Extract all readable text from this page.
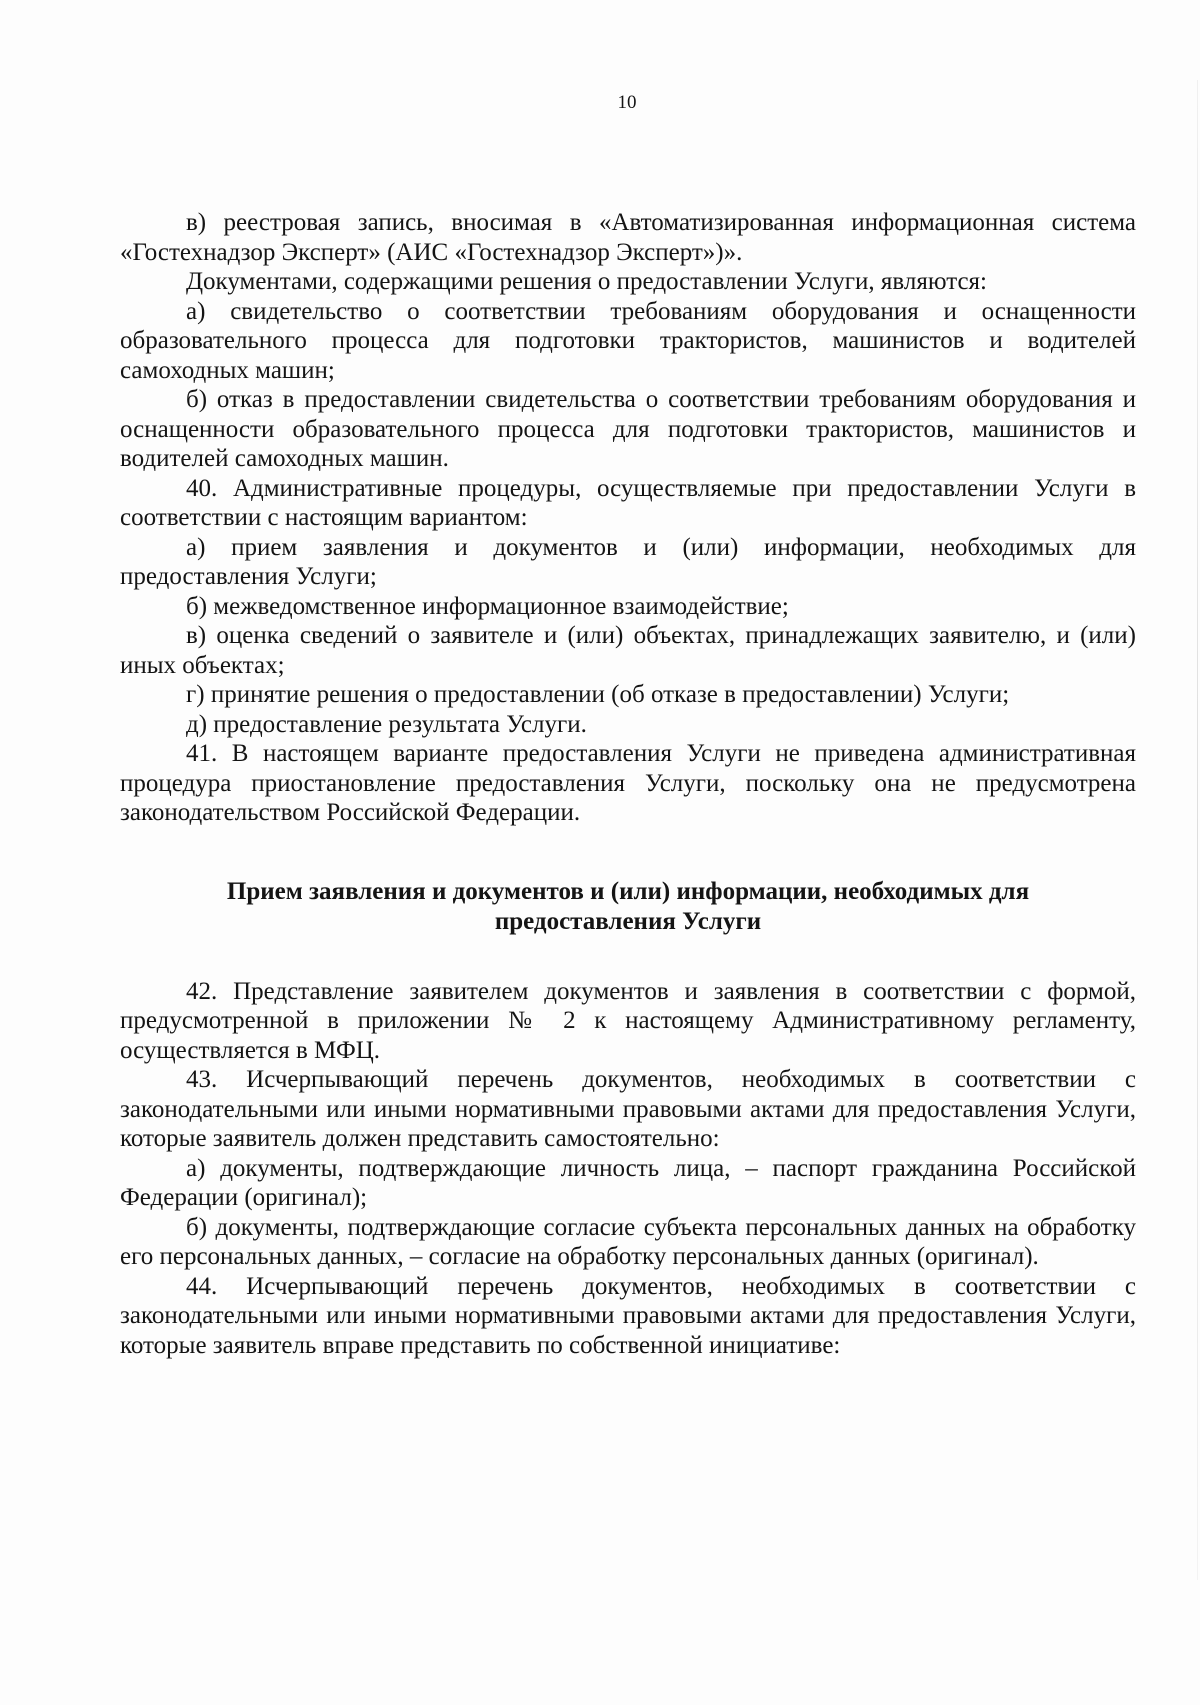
10

в) реестровая запись, вносимая в «Автоматизированная информационная система «Гостехнадзор Эксперт» (АИС «Гостехнадзор Эксперт»)».

Документами, содержащими решения о предоставлении Услуги, являются:

а) свидетельство о соответствии требованиям оборудования и оснащенности образовательного процесса для подготовки трактористов, машинистов и водителей самоходных машин;

б) отказ в предоставлении свидетельства о соответствии требованиям оборудования и оснащенности образовательного процесса для подготовки трактористов, машинистов и водителей самоходных машин.

40. Административные процедуры, осуществляемые при предоставлении Услуги в соответствии с настоящим вариантом:

а) прием заявления и документов и (или) информации, необходимых для предоставления Услуги;

б) межведомственное информационное взаимодействие;

в) оценка сведений о заявителе и (или) объектах, принадлежащих заявителю, и (или) иных объектах;

г) принятие решения о предоставлении (об отказе в предоставлении) Услуги;

д) предоставление результата Услуги.

41. В настоящем варианте предоставления Услуги не приведена административная процедура приостановление предоставления Услуги, поскольку она не предусмотрена законодательством Российской Федерации.

Прием заявления и документов и (или) информации, необходимых для предоставления Услуги

42. Представление заявителем документов и заявления в соответствии с формой, предусмотренной в приложении № 2 к настоящему Административному регламенту, осуществляется в МФЦ.

43. Исчерпывающий перечень документов, необходимых в соответствии с законодательными или иными нормативными правовыми актами для предоставления Услуги, которые заявитель должен представить самостоятельно:

а) документы, подтверждающие личность лица, – паспорт гражданина Российской Федерации (оригинал);

б) документы, подтверждающие согласие субъекта персональных данных на обработку его персональных данных, – согласие на обработку персональных данных (оригинал).

44. Исчерпывающий перечень документов, необходимых в соответствии с законодательными или иными нормативными правовыми актами для предоставления Услуги, которые заявитель вправе представить по собственной инициативе:
